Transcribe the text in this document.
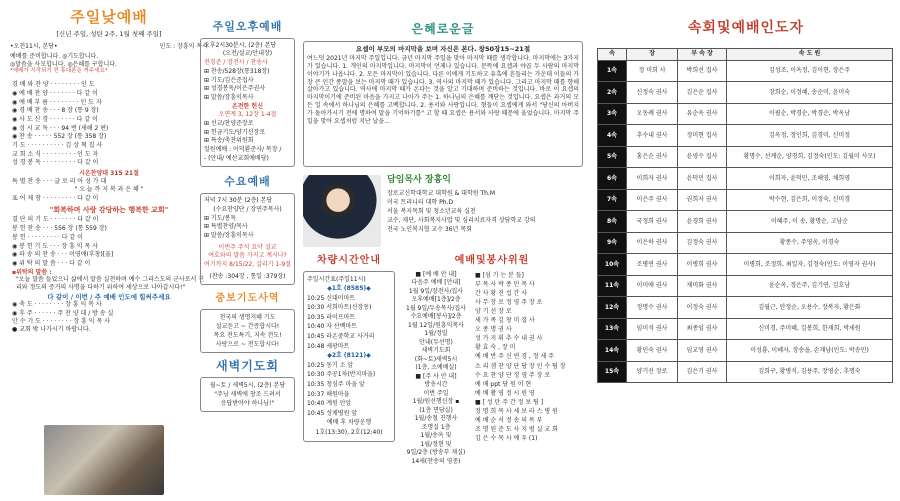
주일낮예배
[신년 주일, 성탄 2주, 1월 첫째 주일]
•오전11시, 본당•	인도 : 장흥익 목사
예배를 준비합니다. ◎기도합니다.
◎말씀을 사모합니다. ◎은혜를 구합니다.
*예배가 시작되기 전 휴대폰을 꺼주세요*
경 배 와 찬 양 · · · · · · · · 인 도
◉ 예 배 찬 양 · · · · · · · 다 같 이
◉ 예 배 부 름 · · · · · · · · 인 도 자
◉ 경 배 찬 송 · · · 8 장 (통 9 장)
◉ 사 도 신 경 · · · · · · · 다 같 이
◉ 성 시 교 독 · · · 94 번 (새해 2 편)
◉ 찬 송 · · · · · 552 장 (통 358 장)
기 도 · · · · · · · · · · 김 상 혁 집 사
교 회 소 식 · · · · · · · · · 인 도 자
성 경 봉 독 · · · · · · · · · 다 같 이
시온찬양대 315 21절
특 별 찬 송 · · · 글 로 리 아 성 가 대
" 오 늘 까 지 복 과 은 혜 "
표 어 제 창 · · · · · · · · · 다 같 이
"회복하며 사랑 감당하는 행복한 교회"
결 단 의 기 도 · · · · · · · 다 같 이
봉 헌 찬 송 · · · 556 장 (통 559 장)
봉 헌 · · · · · · · · · 다 같 이
◉ 봉 헌 기 도 · · · 장 흥 익 목 사
◉ 파 송 의 찬 송 · · · 이영애(후창)[울]
◉ 위 탁 의 말 씀 · · · 다 같 이
▪위탁의 말씀 :
"오늘 말씀 들었으니 삶에서 말씀 실천하며 예수 그리스도의 군사로서 진리와 정도의 증거의 사명을 다하기 위하여 세상으로 나아갑시다!"
다 같이 / 이번 / 주 예배 인도에 힘써주세요
◉ 축 도 · · · · · · · · 장 흥 익 목 사
◉ 후 주 · · · · · · 주 찬 양 대 / 방 송 실
안 수 기 도 · · · · · · · · 장 흥 익 목 사
● 교회 밖 나가시기 바랍니다.
주일오후예배
오후2시30분시, (2층) 본당
(오전/설교/안내장)
전경준 / 장전사 / 찬송사
⊞ 찬송/528장(통318장)
⊞ 기도/김은준집사
⊞ 성경봉독/이은주권사
⊞ 말씀/장흥익목사
온전한 헌신
오면계 3, 12장 1-4절
⊞ 선교/찬양준장로
⊞ 헌금기도/양기선장로
⊞ 특송/축찬위원회
일원예배 : 이덕환준사/ 목장 /
- (안내/ 예산교회예배당)
수요예배
저녁 7시 30분 (2층) 본당
(수요찬양단 / 장연주목사)
⊞ 기도/봉독
⊞ 특별찬양/목사
⊞ 말씀/장흥익목사
이번주 주석 요약 설교
여호와의 말씀 가지고 계시나?
여기까지 8/15/22, 살리기 1-9절
(찬송 :304장 , 통일 :379장)
중보기도사역
천국의 생명지혜 기도
설교듣고 ~ 간증합시다!
목요 전도특기, 지속 전도!
사랑으로 ~ 전도합시다!
새벽기도회
월~토 / 새벽5시, (2층) 본당
"주님 새벽에 창조 드려서
응답받아야 하나님!"
은혜로운글
요셉이 부모의 마지막을 보며 자신은 본다. 창50장15~21절
여느덧 2021년 마지막 주일입니다. 금년 마지막 주일을 맞아 마지막 때를 생각합니다. 마지막에는 3가지가 있습니다. 1. 개인의 마지막입니다. 마지막이 언제나 있습니다. 문뜩에 요셉과 야곱 두 사람의 마지막이야기가 나옵니다. 2. 모든 마지막이 있습니다. 다른 이에게 기도하고 유혹에 흔들리는 가운데 이들의 가장 큰 인간 종말을 보는 마지막 때가 있습니다. 3. 역사의 마지막 때가 있습니다. 그리고 마지막 때를 향해 살아가고 있습니다. 역사에 마지막 때가 온다는 것을 알고 기대하며 준비하는 것입니다. 바로 이 요셉의 마지막이기에 준비된 마음을 가지고 나아가 주는 1. 하나님의 은혜를 깨닫는 것입니다. 요셉은 과거의 모든 일 속에서 하나님의 은혜를 고백합니다. 2. 용서와 사랑입니다. 형들이 요셉에게 와서 "당신의 아버지가 돌아가시기 전에 명하여 말을 기억하기를" 고 할 때 요셉은 용서와 사랑 때문에 울었습니다. 마지막 주일을 맞아 요셉처럼 지난 날을...
담임목사 장흥익
장로교신학대학교 대학원 & 대학원 Th.M
미국 트리니티 대학 Ph.D
서울 복지목회 및 청소년교육 실천
교수, 재단, 사회복지사업 및 심리치료자격 상담학교 강의
전국 노인복지협 교수 36년 목회
차량시간안내
주일시간표(주일11시)
◆1호 (8585)◆
10:25 신대미마트
10:30 서희마트(신장동)
10:35 라이프마트
10:40 자 산백마트
10:45 라온중학교 사거리
10:48 세광마트
◆2호 (8121)◆
10:25 동기 소 앞
10:30 주공1차(반지마을)
10:35 청심주 마을 앞
10:37 해원마을
10:40 계원 안앞
10:45 성채병원 앞
예배 후 차량운행
1호(13:30), 2호(12:40)
예배및봉사위원
■ [예 배 안 내]
다음주 예배 [안내]
1월 9일/장전사/집사
오후예배[1층]/2층
1월 9일/두송목사/집사
수요예배[봉사]/2층
1월 12일/원흥익목사
1월/정밀
안내(두선명)
새벽기도회
(화~토)새벽5시
(1층, 소예배실)
■ [주 사 안 내]
방송시간
이번 주일
1월/원선행신장 ▪
(1층 면담실)
1월/송철 진행사
조명실 1층
1월/송옥 및
1월/정현 및
9일/2층 (방송부 재실)
14세(찬송의 영중)
■ [섬 기 는 분 들]
부 목 사 박 종 민 목 사
간 사 황 진 섭 간 사
사 무 장 로 정 영 주 장 로
양 기 선 장 로
새 가 족 김 창 미 집 사
오 종 명 권 사
성 가 지 휘 추 수 내 권 사
황 효 숙 , 장 미
예 배 반 주 신 연 경 , 정 세 주
소 리 샘 찬 양 단 당 장 인 수 팀 장
수 요 찬 양 단 정 영 주 장 로
예 배 ppt 당 원 이 현
예 배 촬 영 정 시 원 영
■ [ 성 탄 주 간 정 보 팀 ]
정 명 희 목 사 세 보 라 스 병 원
예 배 순 서 정 송 의 목 부
조 명 원 준 도 사 지 범 실 교 회
김 은 수 목 사 예 우 (1)
속회및예배인도자
속	장	부 속 장	속 도 원
1속	정 미희 사	박희선 집사	김성조, 이옥정, 김이현, 장은주
2속	신정숙 권사	김은순 집사	장희순, 이정혜, 송순미, 윤미숙
3속	오동례 권사	유순옥 권사	이필순, 박경순, 박경순, 박옥남
4속	추수내 권사	정미현 집사	김옥정, 정인희, 김경미, 신미정
5속	홍은순 권사	윤영수 집사	황명수, 선계순, 양경희, 김정숙(인도: 김월미 사모)
6속	이희자 권사	윤덕민 집사	이희자, 윤덕민, 조해영, 채희영
7속	이은주 권사	권희자 권사	박수현, 김은희, 이정숙, 신미경
8속	국정희 권사	윤경희 권사	이혜주, 이 송, 황명순, 고남순
9속	이은하 권사	김정숙 권사	황종수, 주영옥, 이경숙
10속	조병연 권사	이병희 권사	이병희, 조정희, 최일자, 김정숙(인도: 이영자 권사)
11속	이미애 권사	제미화 권사	윤순옥, 정은주, 김기연, 김호남
12속	정명수 권사	이정숙 권사	김월근, 안정순, 오용수, 장복자, 황은화
13속	임미석 권사	최종임 권사	신미경, 주미혜, 김봉희, 한재희, 박세원
14속	황인숙 권사	임교영 권사	이성룡, 이혜자, 장송을, 손재남(인도: 박송민)
15속	양기선 장로	김은기 권사	김희구, 황병석, 김용주, 장영순, 추명숙
